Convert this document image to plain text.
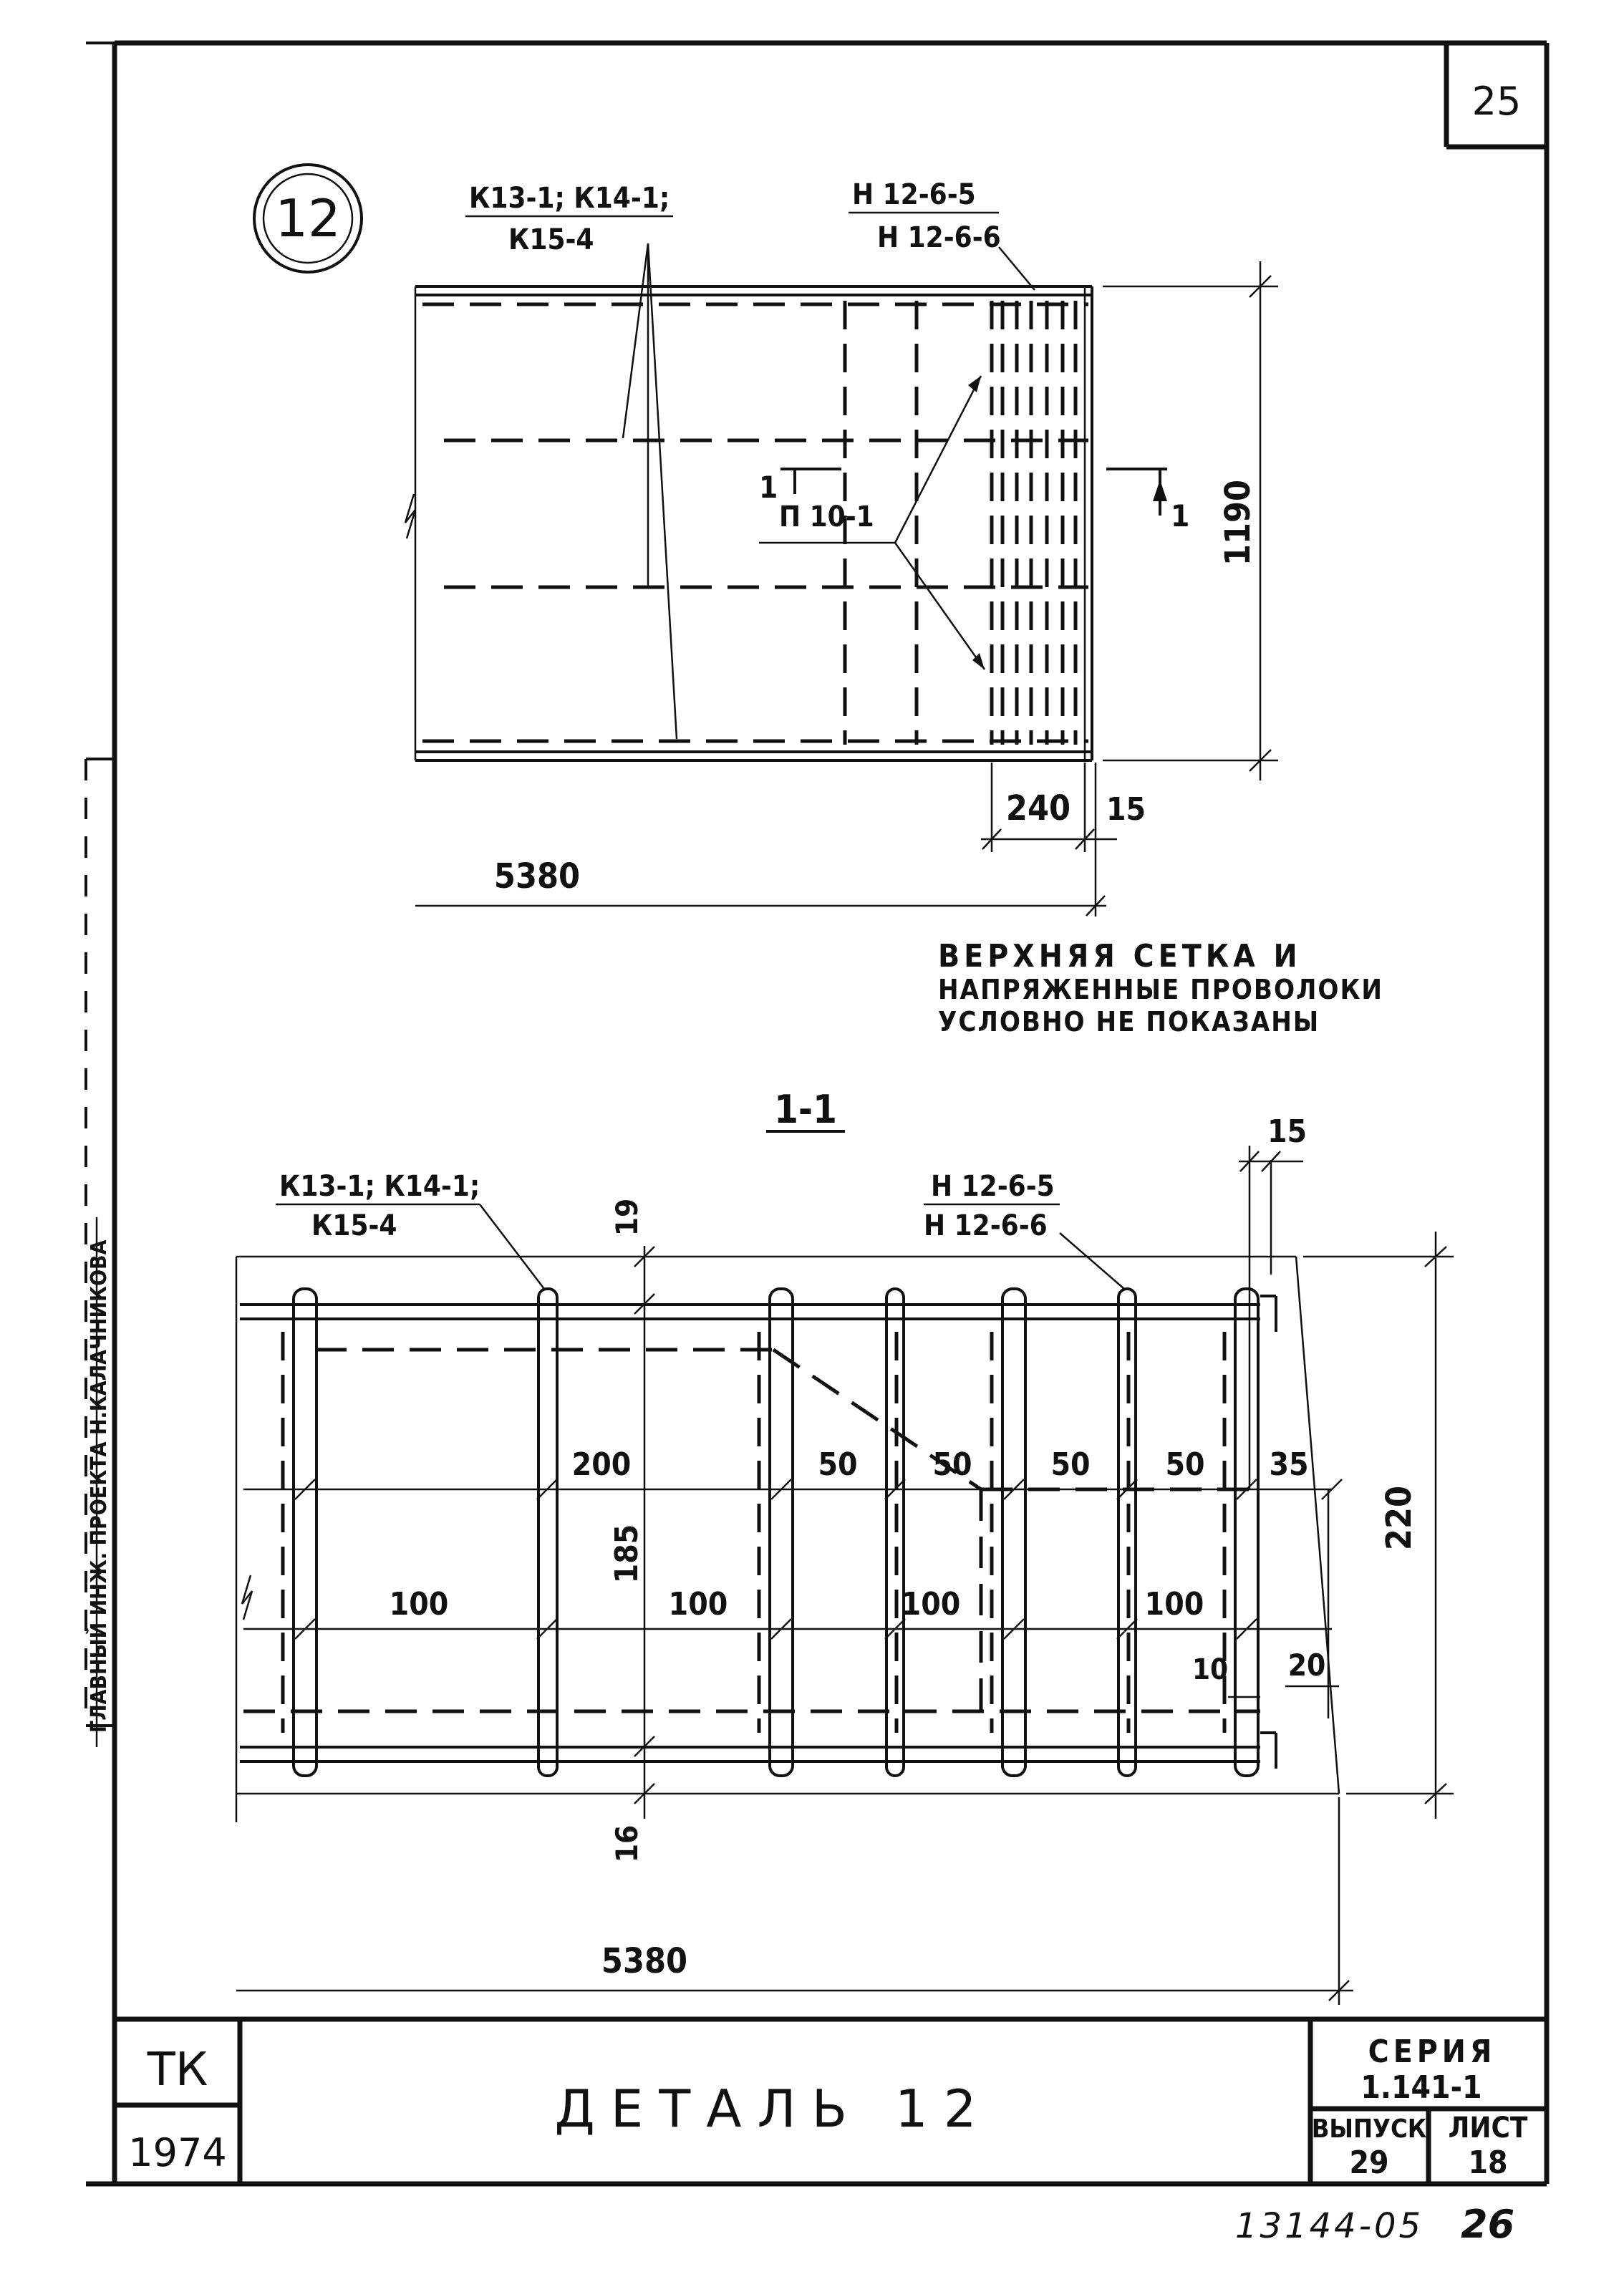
25
12	К13-1; К14-1;
К15-4
Н 12-6-5
Н 12-6-6
1
П 10-1	1 1190
240 15
5380
ВЕРХНЯЯ СЕТКА И
НАПРЯЖЕННЫЕ ПРОВОЛОКИ
УСЛОВНО НЕ ПОКАЗАНЫ
1-1
К13-1; К14-1;
К15-4
Н 12-6-5
Н 12-6-6
15
19
185
16
200	50 50 50 50 35
100	100	100	100
10 20
220
5380
ГЛАВНЫЙ ИНЖ. ПРОЕКТА Н.КАЛАЧНИКОВА
ТК
1974
ДЕТАЛЬ 12
СЕРИЯ
1.141-1
ВЫПУСК
29
ЛИСТ
18
13144-05 26
